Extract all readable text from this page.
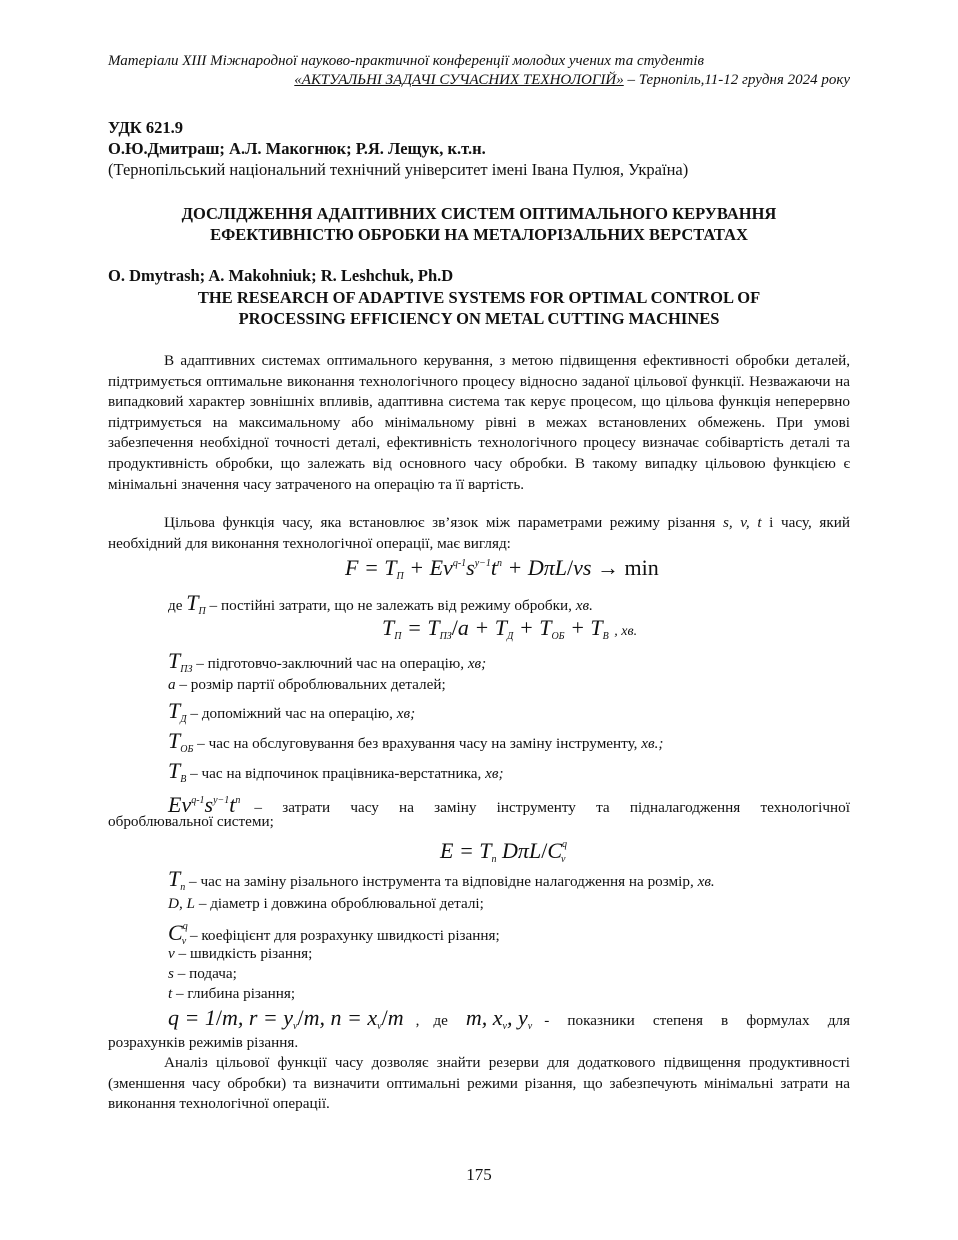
Матеріали XIII Міжнародної науково-практичної конференції молодих учених та студентів
«АКТУАЛЬНІ ЗАДАЧІ СУЧАСНИХ ТЕХНОЛОГІЙ» – Тернопіль,11-12 грудня 2024 року
УДК 621.9
О.Ю.Дмитраш; А.Л. Макогнюк; Р.Я. Лещук, к.т.н.
(Тернопільський національний технічний університет імені Івана Пулюя, Україна)
ДОСЛІДЖЕННЯ АДАПТИВНИХ СИСТЕМ ОПТИМАЛЬНОГО КЕРУВАННЯ
ЕФЕКТИВНІСТЮ ОБРОБКИ НА МЕТАЛОРІЗАЛЬНИХ ВЕРСТАТАХ
O. Dmytrash; A. Makohniuk; R. Leshchuk, Ph.D
THE RESEARCH OF ADAPTIVE SYSTEMS FOR OPTIMAL CONTROL OF
PROCESSING EFFICIENCY ON METAL CUTTING MACHINES

В адаптивних системах оптимального керування, з метою підвищення ефективності обробки деталей, підтримується оптимальне виконання технологічного процесу відносно заданої цільової функції. Незважаючи на випадковий характер зовнішніх впливів, адаптивна система так керує процесом, що цільова функція неперервно підтримується на максимальному або мінімальному рівні в межах встановлених обмежень. При умові забезпечення необхідної точності деталі, ефективність технологічного процесу визначає собівартість деталі та продуктивність обробки, що залежать від основного часу обробки. В такому випадку цільовою функцією є мінімальні значення часу затраченого на операцію та її вартість.

Цільова функція часу, яка встановлює зв’язок між параметрами режиму різання s, v, t і часу, який необхідний для виконання технологічної операції, має вигляд:

$F = T_П + Ev^{q-1}s^{y-1}t^n + D\pi L/vs \to \min$
де $T_П$ – постійні затрати, що не залежать від режиму обробки, хв.
$T_П = T_{ПЗ}/a + T_Д + T_{ОБ} + T_В$ , хв.
$T_{ПЗ}$ – підготовчо-заключний час на операцію, хв;
а – розмір партії оброблювальних деталей;
$T_Д$ – допоміжний час на операцію, хв;
$T_{ОБ}$ – час на обслуговування без врахування часу на заміну інструменту, хв.;
$T_В$ – час на відпочинок працівника-верстатника, хв;
$Ev^{q-1}s^{y-1}t^n$ – затрати часу на заміну інструменту та підналагодження технологічної
оброблювальної системи;
$E = T_n$ DπL/$C^q_v$
$T_n$ – час на заміну різального інструмента та відповідне налагодження на розмір, хв.
D, L – діаметр і довжина оброблювальної деталі;
$C^q_v$ – коефіцієнт для розрахунку швидкості різання;
v – швидкість різання;
s – подача;
t – глибина різання;
q = 1/m, $r = y_v/m$, $n = x_v/m$ , де m, $x_v$, $y_v$ - показники степеня в формулах для
розрахунків режимів різання.

Аналіз цільової функції часу дозволяє знайти резерви для додаткового підвищення продуктивності (зменшення часу обробки) та визначити оптимальні режими різання, що забезпечують мінімальні затрати на виконання технологічної операції.

175
